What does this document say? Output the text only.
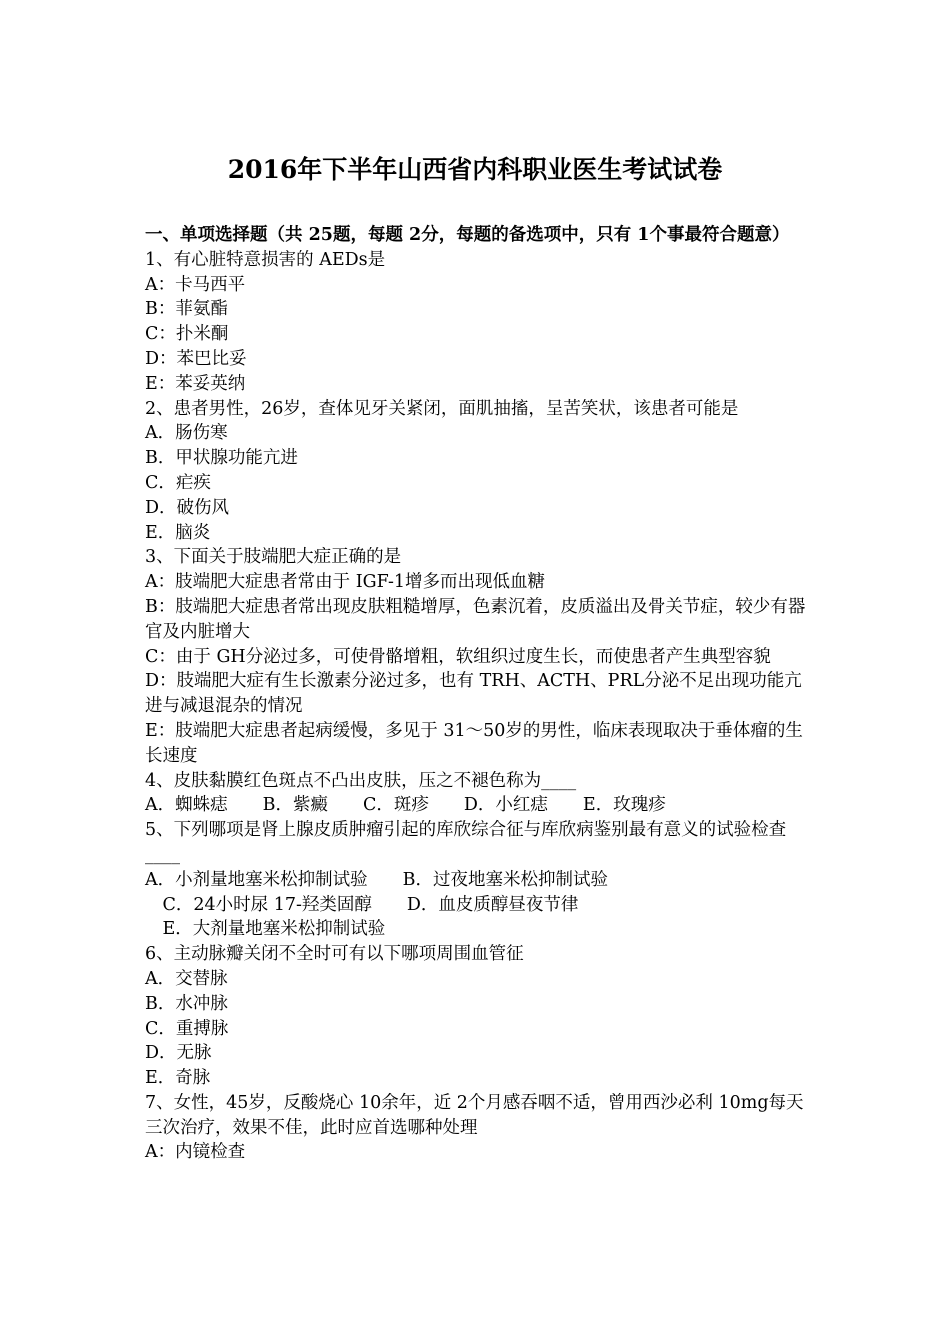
2016年下半年山西省内科职业医生考试试卷
一、单项选择题（共 25题，每题 2分，每题的备选项中，只有 1个事最符合题意）
1、有心脏特意损害的 AEDs是
A：卡马西平
B：菲氨酯
C：扑米酮
D：苯巴比妥
E：苯妥英纳
2、患者男性，26岁，查体见牙关紧闭，面肌抽搐，呈苦笑状，该患者可能是
A．肠伤寒
B．甲状腺功能亢进
C．疟疾
D．破伤风
E．脑炎
3、下面关于肢端肥大症正确的是
A：肢端肥大症患者常由于 IGF-1增多而出现低血糖
B：肢端肥大症患者常出现皮肤粗糙增厚，色素沉着，皮质溢出及骨关节症，较少有器官及内脏增大
C：由于 GH分泌过多，可使骨骼增粗，软组织过度生长，而使患者产生典型容貌
D：肢端肥大症有生长激素分泌过多，也有 TRH、ACTH、PRL分泌不足出现功能亢进与减退混杂的情况
E：肢端肥大症患者起病缓慢，多见于 31～50岁的男性，临床表现取决于垂体瘤的生长速度
4、皮肤黏膜红色斑点不凸出皮肤，压之不褪色称为____
A．蜘蛛痣　　B．紫癜　　C．斑疹　　D．小红痣　　E．玫瑰疹
5、下列哪项是肾上腺皮质肿瘤引起的库欣综合征与库欣病鉴别最有意义的试验检查____
A．小剂量地塞米松抑制试验　　B．过夜地塞米松抑制试验
　C．24小时尿 17-羟类固醇　　D．血皮质醇昼夜节律
　E．大剂量地塞米松抑制试验
6、主动脉瓣关闭不全时可有以下哪项周围血管征
A．交替脉
B．水冲脉
C．重搏脉
D．无脉
E．奇脉
7、女性，45岁，反酸烧心 10余年，近 2个月感吞咽不适，曾用西沙必利 10mg每天三次治疗，效果不佳，此时应首选哪种处理
A：内镜检查
